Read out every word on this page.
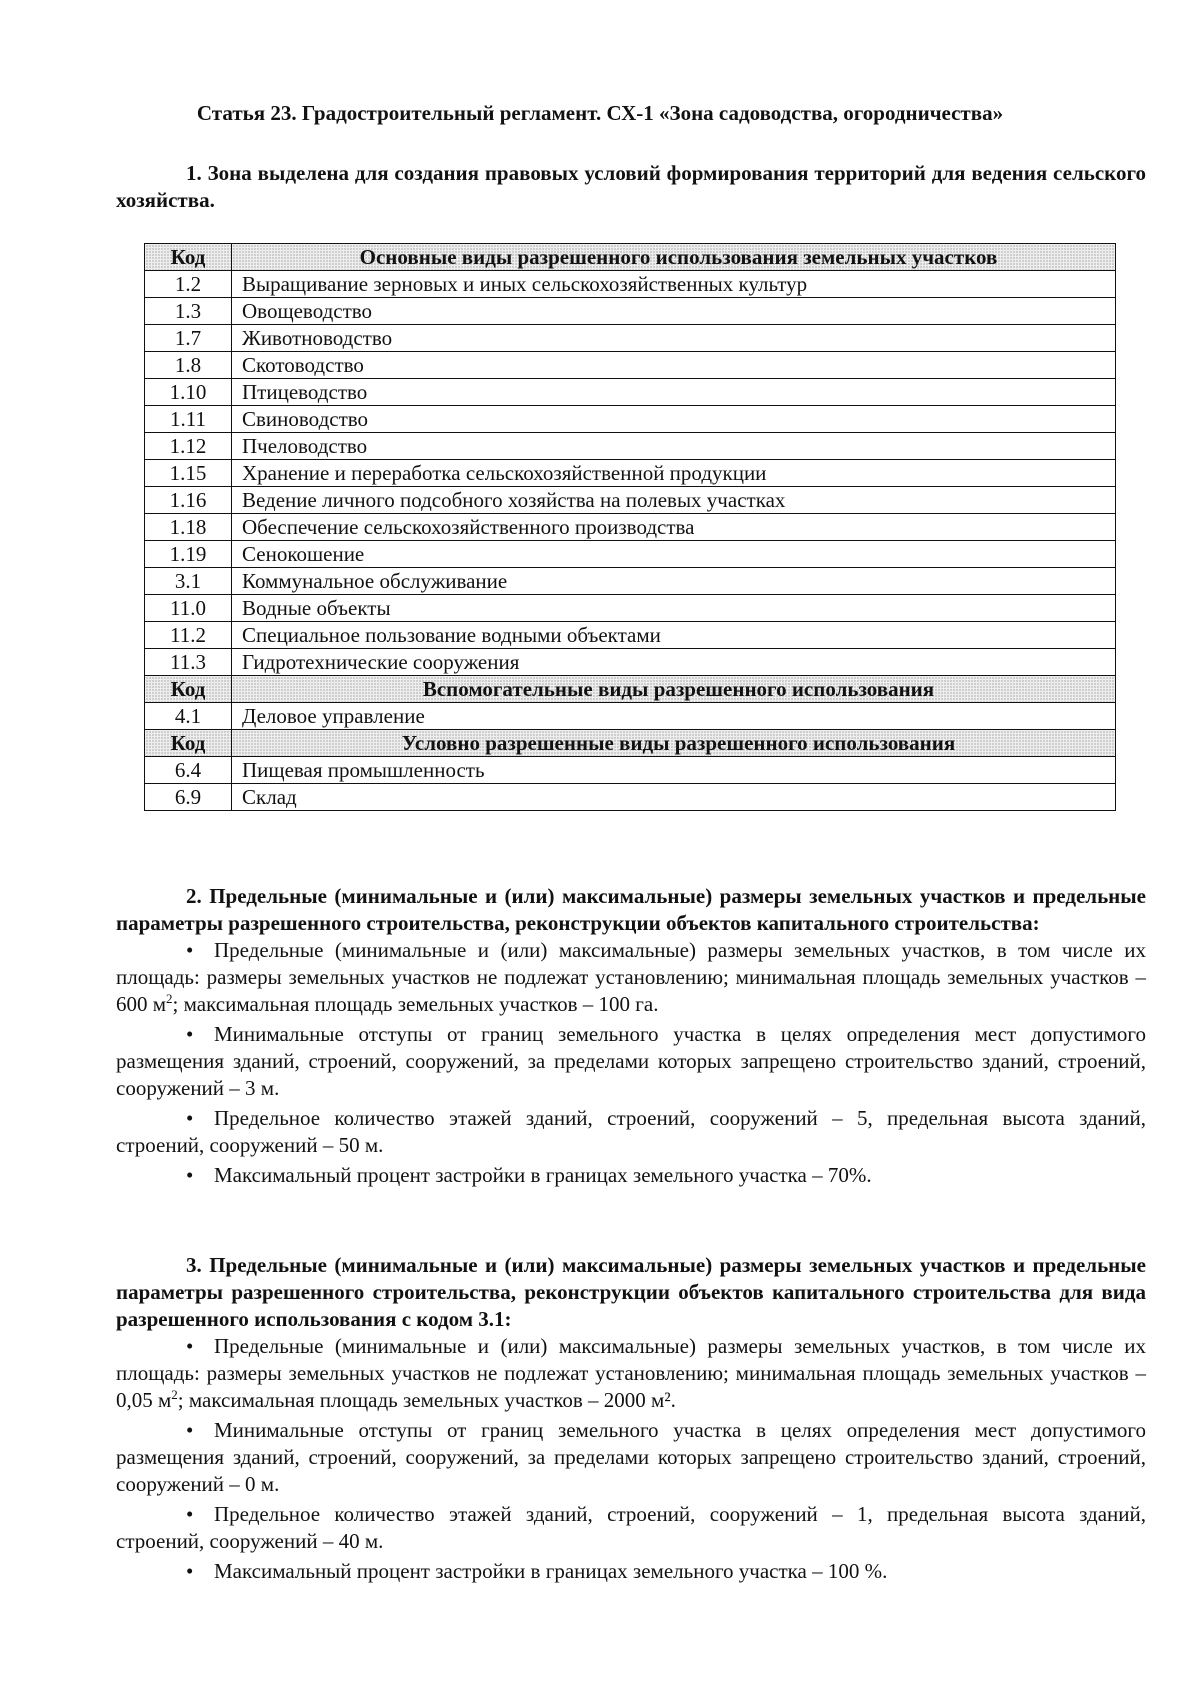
Статья 23. Градостроительный регламент. СХ-1 «Зона садоводства, огородничества»

1. Зона выделена для создания правовых условий формирования территорий для ведения сельского хозяйства.

Код	Основные виды разрешенного использования земельных участков
1.2	Выращивание зерновых и иных сельскохозяйственных культур
1.3	Овощеводство
1.7	Животноводство
1.8	Скотоводство
1.10	Птицеводство
1.11	Свиноводство
1.12	Пчеловодство
1.15	Хранение и переработка сельскохозяйственной продукции
1.16	Ведение личного подсобного хозяйства на полевых участках
1.18	Обеспечение сельскохозяйственного производства
1.19	Сенокошение
3.1	Коммунальное обслуживание
11.0	Водные объекты
11.2	Специальное пользование водными объектами
11.3	Гидротехнические сооружения
Код	Вспомогательные виды разрешенного использования
4.1	Деловое управление
Код	Условно разрешенные виды разрешенного использования
6.4	Пищевая промышленность
6.9	Склад

2. Предельные (минимальные и (или) максимальные) размеры земельных участков и предельные параметры разрешенного строительства, реконструкции объектов капитального строительства:

• Предельные (минимальные и (или) максимальные) размеры земельных участков, в том числе их площадь: размеры земельных участков не подлежат установлению; минимальная площадь земельных участков – 600 $м^2$; максимальная площадь земельных участков – 100 га.

• Минимальные отступы от границ земельного участка в целях определения мест допустимого размещения зданий, строений, сооружений, за пределами которых запрещено строительство зданий, строений, сооружений – 3 м.

• Предельное количество этажей зданий, строений, сооружений – 5, предельная высота зданий, строений, сооружений – 50 м.

• Максимальный процент застройки в границах земельного участка – 70%.

3. Предельные (минимальные и (или) максимальные) размеры земельных участков и предельные параметры разрешенного строительства, реконструкции объектов капитального строительства для вида разрешенного использования с кодом 3.1:

• Предельные (минимальные и (или) максимальные) размеры земельных участков, в том числе их площадь: размеры земельных участков не подлежат установлению; минимальная площадь земельных участков – 0,05 $м^2$; максимальная площадь земельных участков – 2000 м².

• Минимальные отступы от границ земельного участка в целях определения мест допустимого размещения зданий, строений, сооружений, за пределами которых запрещено строительство зданий, строений, сооружений – 0 м.

• Предельное количество этажей зданий, строений, сооружений – 1, предельная высота зданий, строений, сооружений – 40 м.

• Максимальный процент застройки в границах земельного участка – 100 %.
